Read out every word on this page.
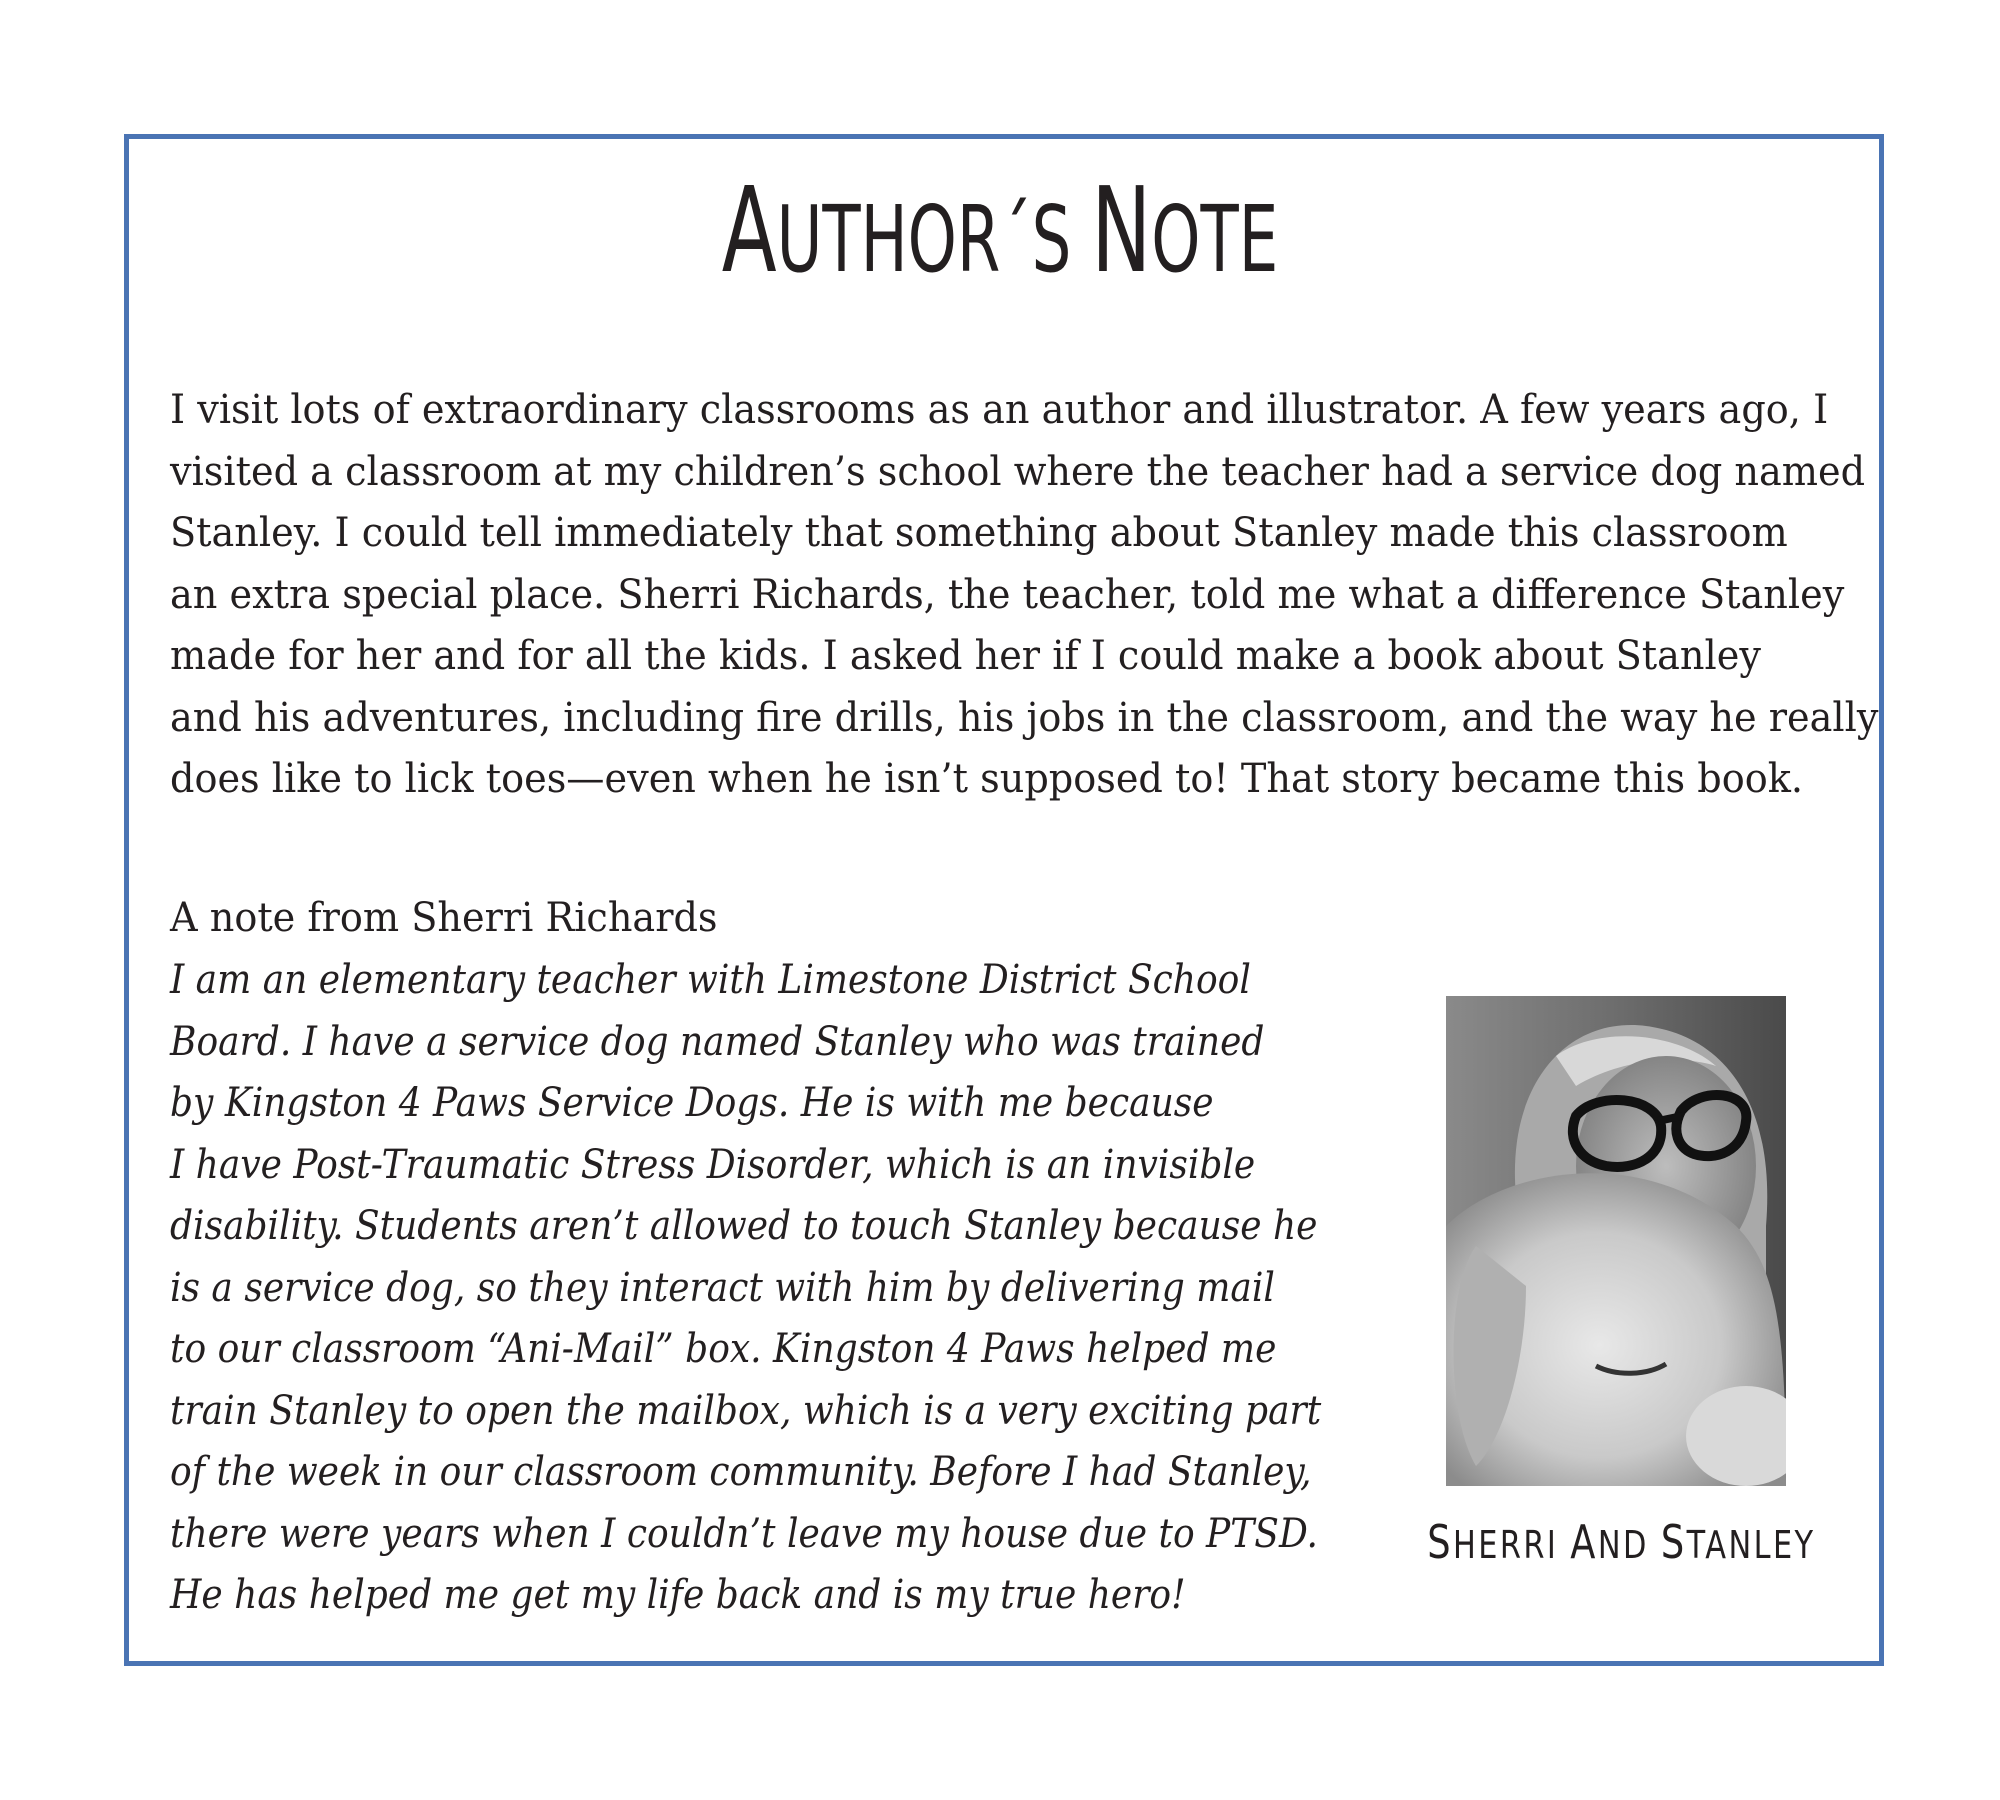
AUTHOR´S NOTE

I visit lots of extraordinary classrooms as an author and illustrator. A few years ago, I
visited a classroom at my children’s school where the teacher had a service dog named
Stanley. I could tell immediately that something about Stanley made this classroom
an extra special place. Sherri Richards, the teacher, told me what a difference Stanley
made for her and for all the kids. I asked her if I could make a book about Stanley
and his adventures, including fire drills, his jobs in the classroom, and the way he really
does like to lick toes—even when he isn’t supposed to! That story became this book.

A note from Sherri Richards

I am an elementary teacher with Limestone District School
Board. I have a service dog named Stanley who was trained
by Kingston 4 Paws Service Dogs. He is with me because
I have Post-Traumatic Stress Disorder, which is an invisible
disability. Students aren’t allowed to touch Stanley because he
is a service dog, so they interact with him by delivering mail
to our classroom “Ani-Mail” box. Kingston 4 Paws helped me
train Stanley to open the mailbox, which is a very exciting part
of the week in our classroom community. Before I had Stanley,
there were years when I couldn’t leave my house due to PTSD.
He has helped me get my life back and is my true hero!

SHERRI AND STANLEY
